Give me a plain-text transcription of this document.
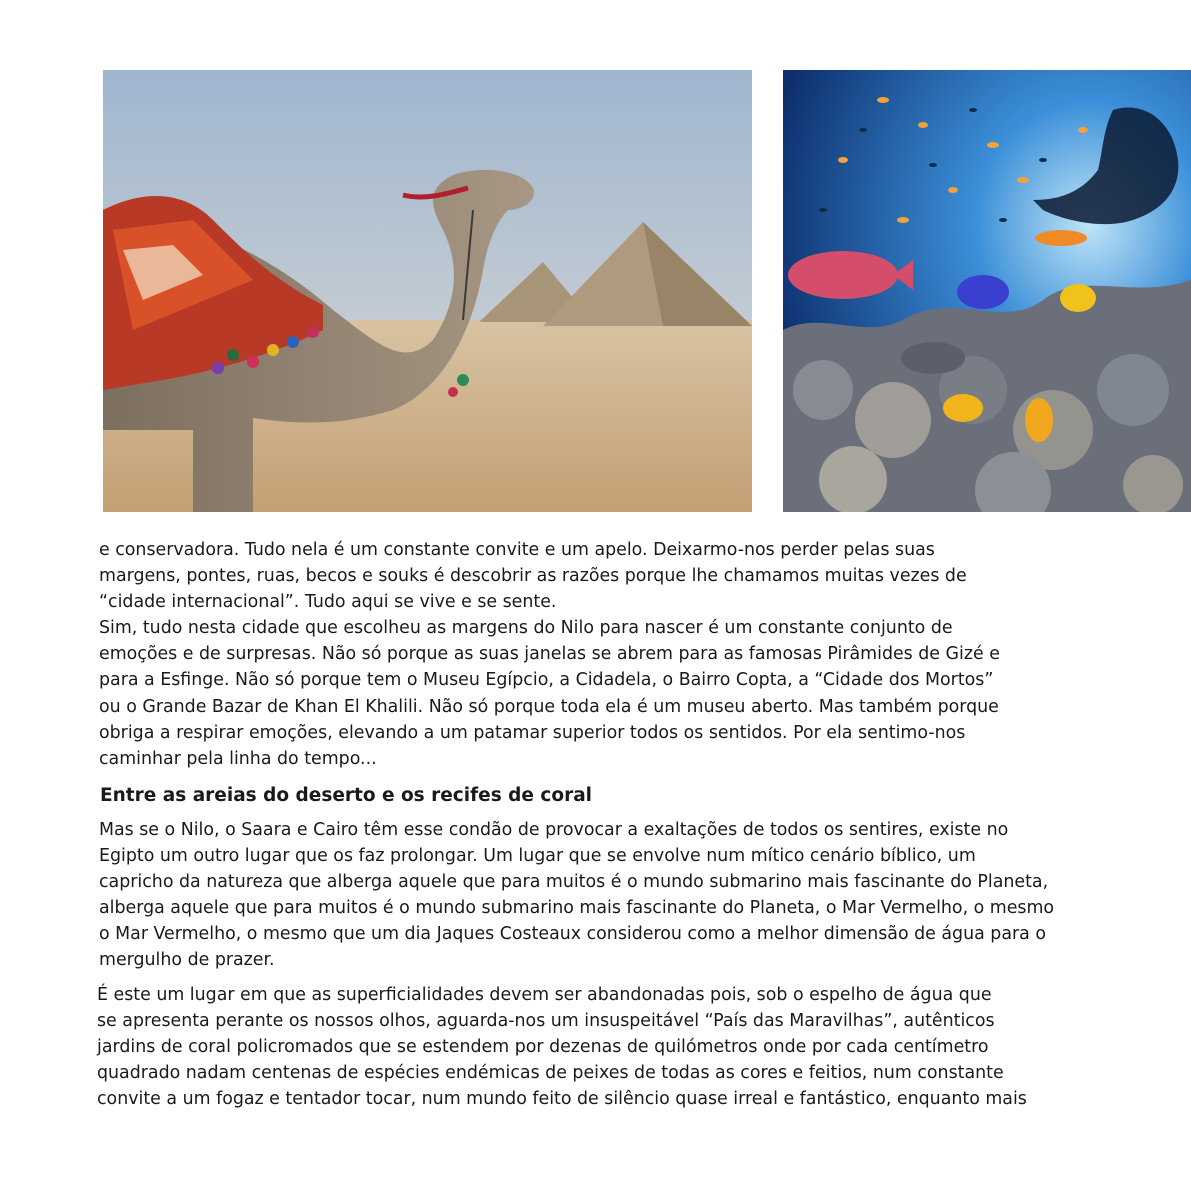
e conservadora. Tudo nela é um constante convite e um apelo. Deixarmo-nos perder pelas suas
margens, pontes, ruas, becos e souks é descobrir as razões porque lhe chamamos muitas vezes de
“cidade internacional”. Tudo aqui se vive e se sente.
Sim, tudo nesta cidade que escolheu as margens do Nilo para nascer é um constante conjunto de
emoções e de surpresas. Não só porque as suas janelas se abrem para as famosas Pirâmides de Gizé e
para a Esfinge. Não só porque tem o Museu Egípcio, a Cidadela, o Bairro Copta, a “Cidade dos Mortos”
ou o Grande Bazar de Khan El Khalili. Não só porque toda ela é um museu aberto. Mas também porque
obriga a respirar emoções, elevando a um patamar superior todos os sentidos. Por ela sentimo-nos
caminhar pela linha do tempo...
Entre as areias do deserto e os recifes de coral
Mas se o Nilo, o Saara e Cairo têm esse condão de provocar a exaltações de todos os sentires, existe no
Egipto um outro lugar que os faz prolongar. Um lugar que se envolve num mítico cenário bíblico, um
capricho da natureza que alberga aquele que para muitos é o mundo submarino mais fascinante do Planeta,
alberga aquele que para muitos é o mundo submarino mais fascinante do Planeta, o Mar Vermelho, o mesmo
o Mar Vermelho, o mesmo que um dia Jaques Costeaux considerou como a melhor dimensão de água para o
mergulho de prazer.
É este um lugar em que as superficialidades devem ser abandonadas pois, sob o espelho de água que
se apresenta perante os nossos olhos, aguarda-nos um insuspeitável “País das Maravilhas”, autênticos
jardins de coral policromados que se estendem por dezenas de quilómetros onde por cada centímetro
quadrado nadam centenas de espécies endémicas de peixes de todas as cores e feitios, num constante
convite a um fogaz e tentador tocar, num mundo feito de silêncio quase irreal e fantástico, enquanto mais
